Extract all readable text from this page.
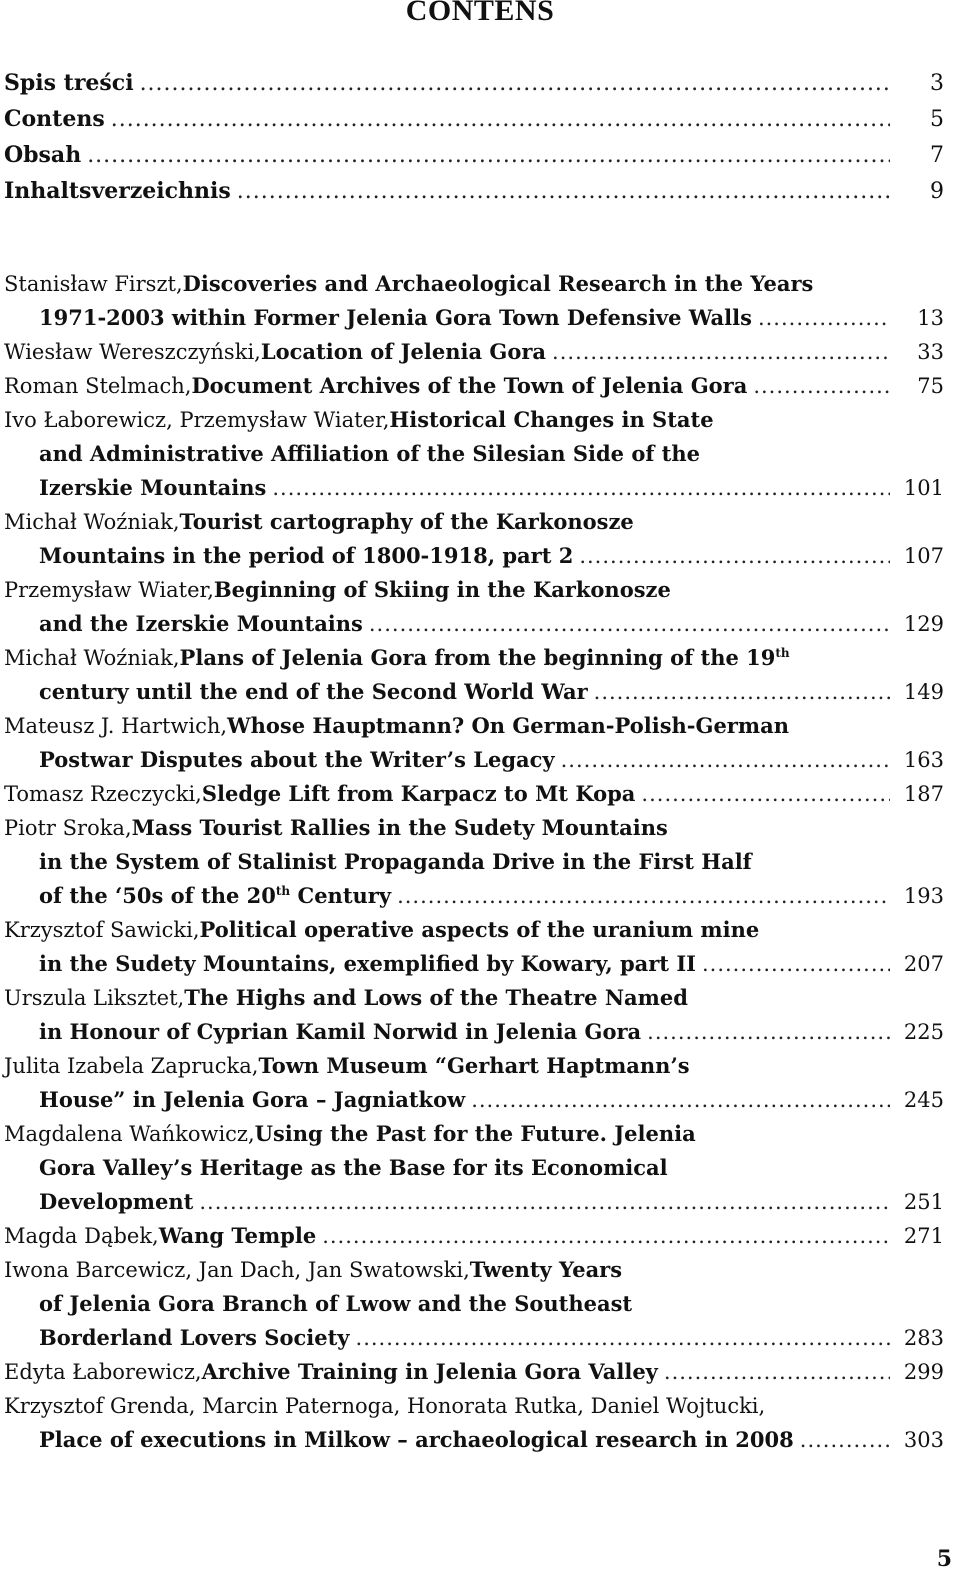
CONTENS
Spis treści .....	3
Contens .....	5
Obsah .....	7
Inhaltsverzeichnis .....	9
Stanisław Firszt, Discoveries and Archaeological Research in the Years
1971-2003 within Former Jelenia Gora Town Defensive Walls .....	13
Wiesław Wereszczyński, Location of Jelenia Gora .....	33
Roman Stelmach, Document Archives of the Town of Jelenia Gora .....	75
Ivo Łaborewicz, Przemysław Wiater, Historical Changes in State
and Administrative Affiliation of the Silesian Side of the
Izerskie Mountains .....	101
Michał Woźniak, Tourist cartography of the Karkonosze
Mountains in the period of 1800-1918, part 2 .....	107
Przemysław Wiater, Beginning of Skiing in the Karkonosze
and the Izerskie Mountains .....	129
Michał Woźniak, Plans of Jelenia Gora from the beginning of the 19th
century until the end of the Second World War .....	149
Mateusz J. Hartwich, Whose Hauptmann? On German-Polish-German
Postwar Disputes about the Writer’s Legacy .....	163
Tomasz Rzeczycki, Sledge Lift from Karpacz to Mt Kopa .....	187
Piotr Sroka, Mass Tourist Rallies in the Sudety Mountains
in the System of Stalinist Propaganda Drive in the First Half
of the ‘50s of the 20th Century .....	193
Krzysztof Sawicki, Political operative aspects of the uranium mine
in the Sudety Mountains, exemplified by Kowary, part II .....	207
Urszula Liksztet, The Highs and Lows of the Theatre Named
in Honour of Cyprian Kamil Norwid in Jelenia Gora .....	225
Julita Izabela Zaprucka, Town Museum “Gerhart Haptmann’s
House” in Jelenia Gora – Jagniatkow .....	245
Magdalena Wańkowicz, Using the Past for the Future. Jelenia
Gora Valley’s Heritage as the Base for its Economical
Development .....	251
Magda Dąbek, Wang Temple .....	271
Iwona Barcewicz, Jan Dach, Jan Swatowski, Twenty Years
of Jelenia Gora Branch of Lwow and the Southeast
Borderland Lovers Society .....	283
Edyta Łaborewicz, Archive Training in Jelenia Gora Valley .....	299
Krzysztof Grenda, Marcin Paternoga, Honorata Rutka, Daniel Wojtucki,
Place of executions in Milkow – archaeological research in 2008 .....	303
5
